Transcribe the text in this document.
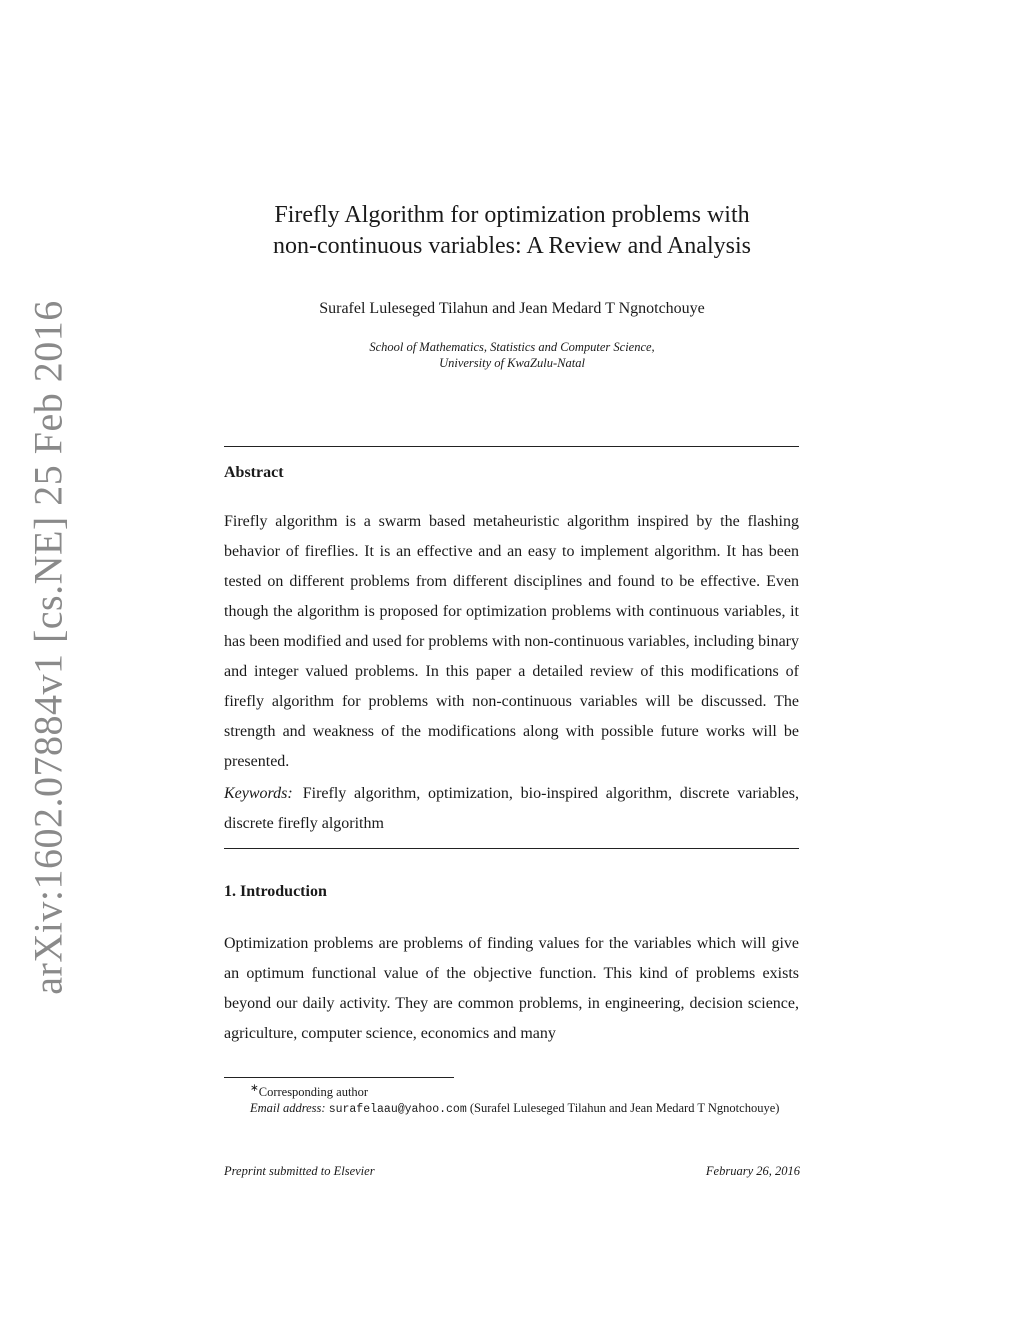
arXiv:1602.07884v1 [cs.NE] 25 Feb 2016
Firefly Algorithm for optimization problems with
non-continuous variables: A Review and Analysis
Surafel Luleseged Tilahun and Jean Medard T Ngnotchouye
School of Mathematics, Statistics and Computer Science,
University of KwaZulu-Natal
Abstract
Firefly algorithm is a swarm based metaheuristic algorithm inspired by the flashing behavior of fireflies. It is an effective and an easy to implement algorithm. It has been tested on different problems from different disciplines and found to be effective. Even though the algorithm is proposed for optimization problems with continuous variables, it has been modified and used for problems with non-continuous variables, including binary and integer valued problems. In this paper a detailed review of this modifications of firefly algorithm for problems with non-continuous variables will be discussed. The strength and weakness of the modifications along with possible future works will be presented.
Keywords: Firefly algorithm, optimization, bio-inspired algorithm, discrete variables, discrete firefly algorithm
1. Introduction
Optimization problems are problems of finding values for the variables which will give an optimum functional value of the objective function. This kind of problems exists beyond our daily activity. They are common problems, in engineering, decision science, agriculture, computer science, economics and many
∗Corresponding author
Email address: surafelaau@yahoo.com (Surafel Luleseged Tilahun and Jean Medard T Ngnotchouye)
Preprint submitted to Elsevier	February 26, 2016
